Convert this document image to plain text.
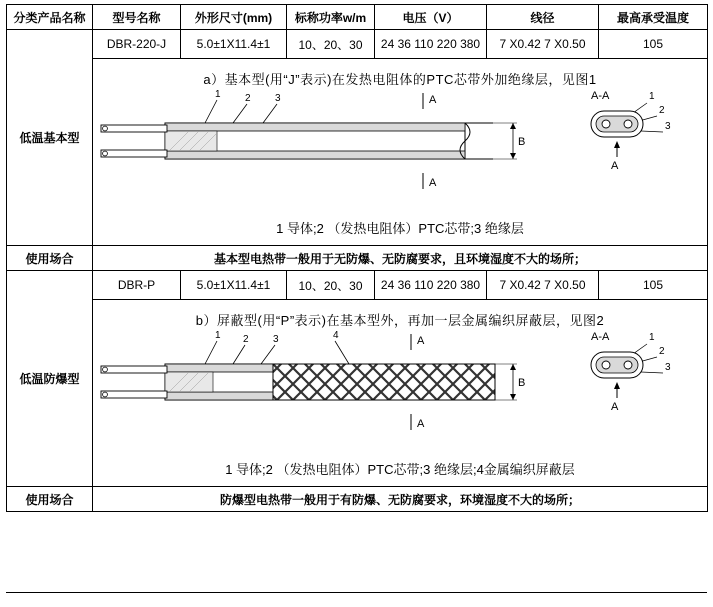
分类产品名称	型号名称	外形尺寸(mm)	标称功率w/m	电压（V）	线径	最高承受温度
低温基本型	DBR-220-J	5.0±1X11.4±1	10、20、30	24 36 110 220 380	7 X0.42 7 X0.50	105

a）基本型(用“J”表示)在发热电阻体的PTC芯带外加绝缘层，见图1
1 2 3	A
A
B
A-A	1
2
3
A
1 导体;2 （发热电阻体）PTC芯带;3 绝缘层

使用场合	基本型电热带一般用于无防爆、无防腐要求，且环境湿度不大的场所；					
低温防爆型	DBR-P	5.0±1X11.4±1	10、20、30	24 36 110 220 380	7 X0.42 7 X0.50	105

b）屏蔽型(用“P”表示)在基本型外，再加一层金属编织屏蔽层，见图2
1 2 3	4	A
A
B
A-A	1
2
3
A
1 导体;2 （发热电阻体）PTC芯带;3 绝缘层;4金属编织屏蔽层

使用场合	防爆型电热带一般用于有防爆、无防腐要求，环境湿度不大的场所；					
